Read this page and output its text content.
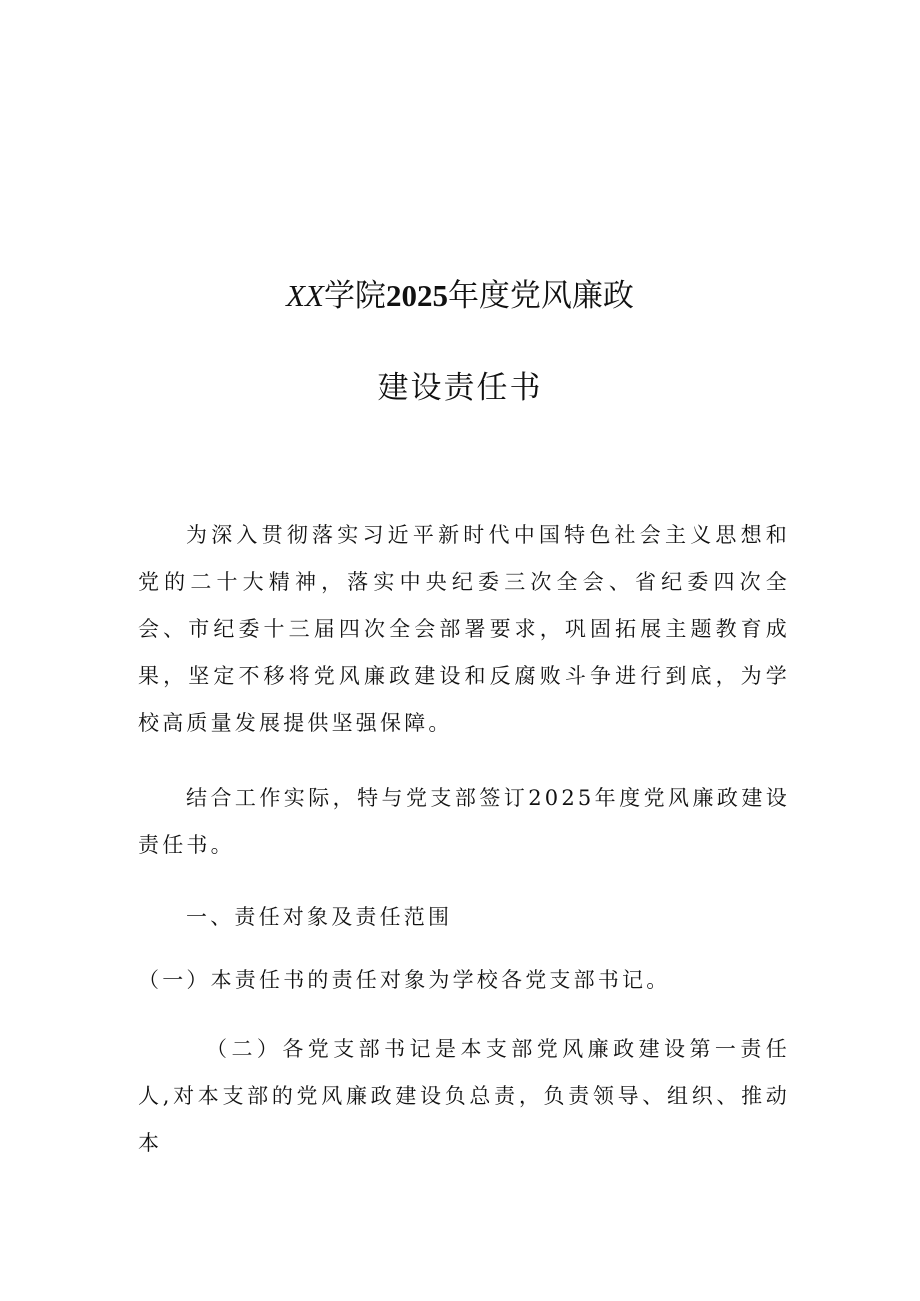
XX学院2025年度党风廉政
建设责任书

为深入贯彻落实习近平新时代中国特色社会主义思想和党的二十大精神，落实中央纪委三次全会、省纪委四次全会、市纪委十三届四次全会部署要求，巩固拓展主题教育成果，坚定不移将党风廉政建设和反腐败斗争进行到底，为学校高质量发展提供坚强保障。

结合工作实际，特与党支部签订2025年度党风廉政建设责任书。

一、责任对象及责任范围

（一）本责任书的责任对象为学校各党支部书记。

（二）各党支部书记是本支部党风廉政建设第一责任人,对本支部的党风廉政建设负总责，负责领导、组织、推动本
